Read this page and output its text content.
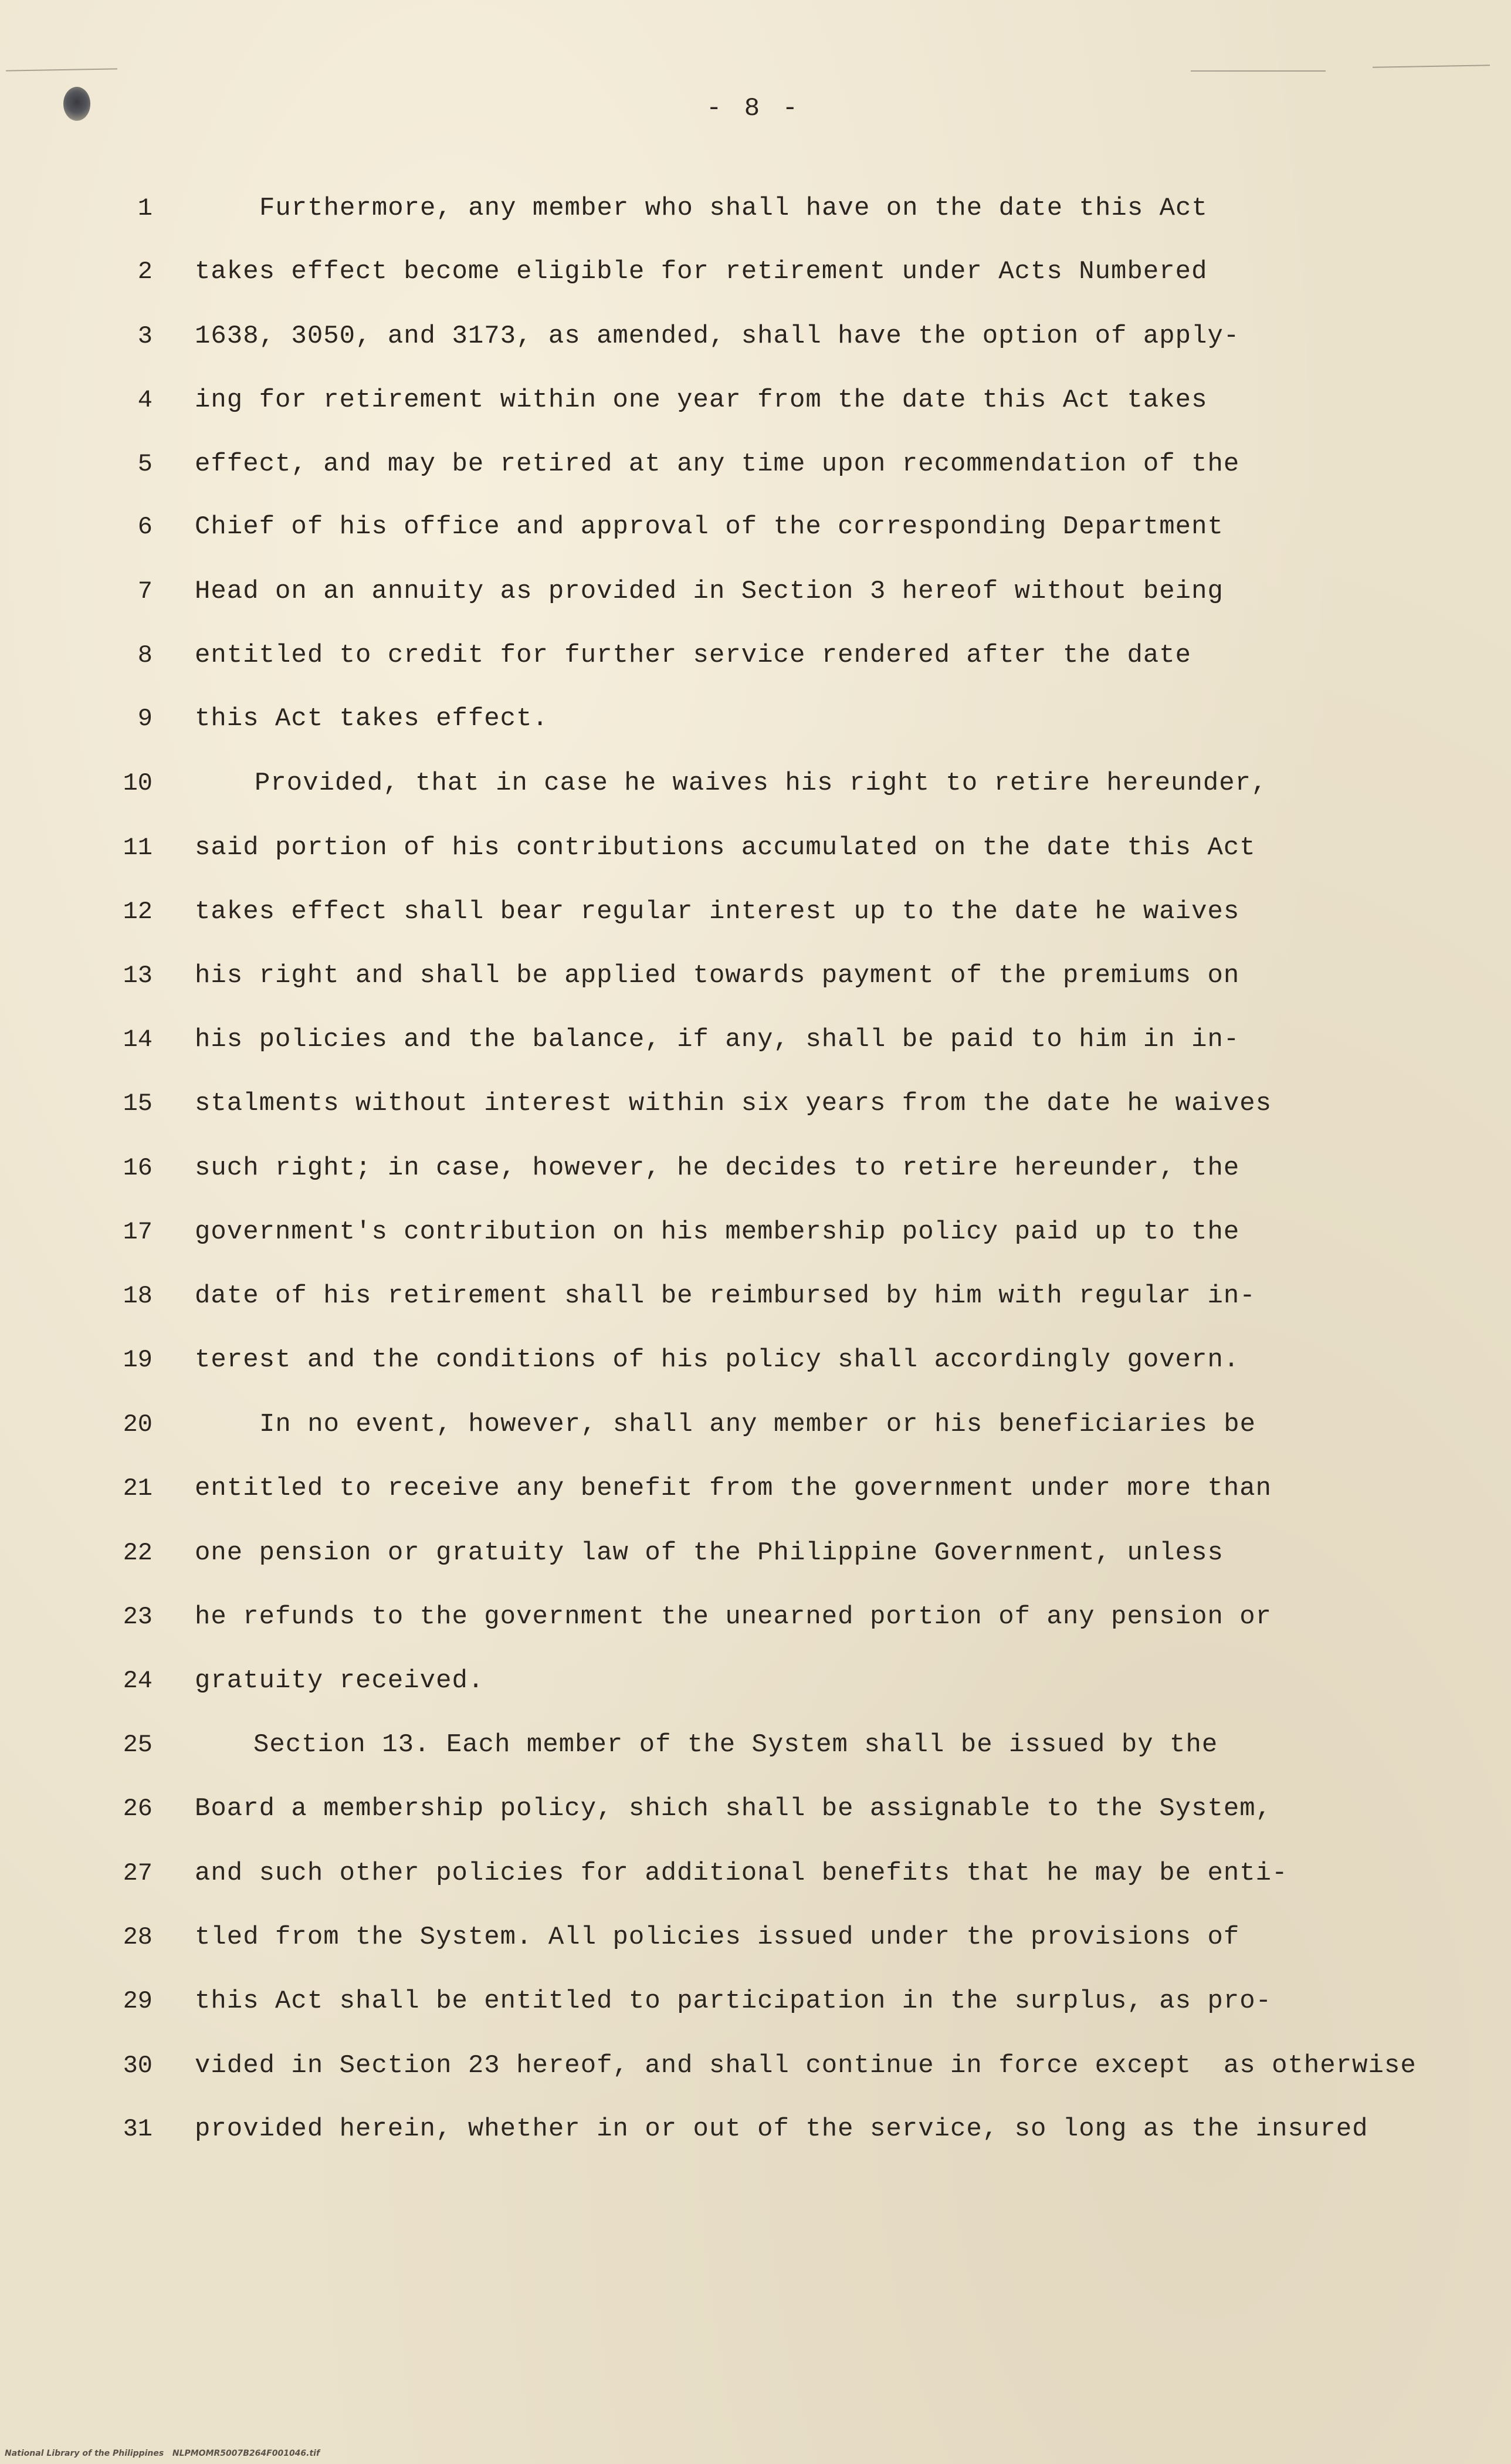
- 8 -
1	Furthermore, any member who shall have on the date this Act
2 takes effect become eligible for retirement under Acts Numbered
3 1638, 3050, and 3173, as amended, shall have the option of apply-
4 ing for retirement within one year from the date this Act takes
5 effect, and may be retired at any time upon recommendation of the
6 Chief of his office and approval of the corresponding Department
7 Head on an annuity as provided in Section 3 hereof without being
8 entitled to credit for further service rendered after the date
9 this Act takes effect.
10	Provided, that in case he waives his right to retire hereunder,
11 said portion of his contributions accumulated on the date this Act
12 takes effect shall bear regular interest up to the date he waives
13 his right and shall be applied towards payment of the premiums on
14 his policies and the balance, if any, shall be paid to him in in-
15 stalments without interest within six years from the date he waives
16 such right; in case, however, he decides to retire hereunder, the
17 government's contribution on his membership policy paid up to the
18 date of his retirement shall be reimbursed by him with regular in-
19 terest and the conditions of his policy shall accordingly govern.
20	In no event, however, shall any member or his beneficiaries be
21 entitled to receive any benefit from the government under more than
22 one pension or gratuity law of the Philippine Government, unless
23 he refunds to the government the unearned portion of any pension or
24 gratuity received.
25	Section 13. Each member of the System shall be issued by the
26 Board a membership policy, shich shall be assignable to the System,
27 and such other policies for additional benefits that he may be enti-
28 tled from the System. All policies issued under the provisions of
29 this Act shall be entitled to participation in the surplus, as pro-
30 vided in Section 23 hereof, and shall continue in force except  as otherwise
31 provided herein, whether in or out of the service, so long as the insured
National Library of the Philippines   NLPMOMR5007B264F001046.tif
